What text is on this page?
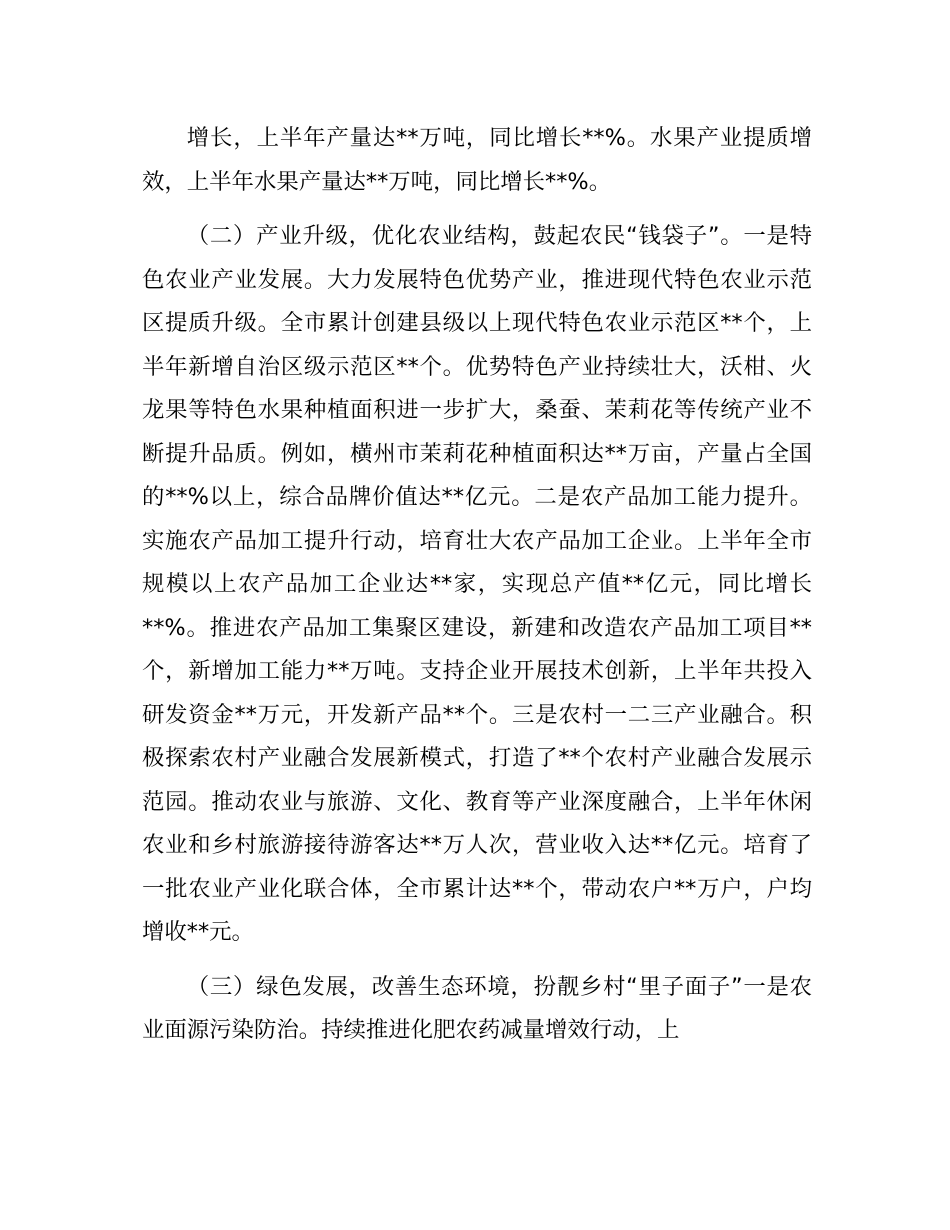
增长，上半年产量达**万吨，同比增长**%。水果产业提质增效，上半年水果产量达**万吨，同比增长**%。

（二）产业升级，优化农业结构，鼓起农民“钱袋子”。一是特色农业产业发展。大力发展特色优势产业，推进现代特色农业示范区提质升级。全市累计创建县级以上现代特色农业示范区**个，上半年新增自治区级示范区**个。优势特色产业持续壮大，沃柑、火龙果等特色水果种植面积进一步扩大，桑蚕、茉莉花等传统产业不断提升品质。例如，横州市茉莉花种植面积达**万亩，产量占全国的**%以上，综合品牌价值达**亿元。二是农产品加工能力提升。实施农产品加工提升行动，培育壮大农产品加工企业。上半年全市规模以上农产品加工企业达**家，实现总产值**亿元，同比增长**%。推进农产品加工集聚区建设，新建和改造农产品加工项目**个，新增加工能力**万吨。支持企业开展技术创新，上半年共投入研发资金**万元，开发新产品**个。三是农村一二三产业融合。积极探索农村产业融合发展新模式，打造了**个农村产业融合发展示范园。推动农业与旅游、文化、教育等产业深度融合，上半年休闲农业和乡村旅游接待游客达**万人次，营业收入达**亿元。培育了一批农业产业化联合体，全市累计达**个，带动农户**万户，户均增收**元。

（三）绿色发展，改善生态环境，扮靓乡村“里子面子”一是农业面源污染防治。持续推进化肥农药减量增效行动，上
